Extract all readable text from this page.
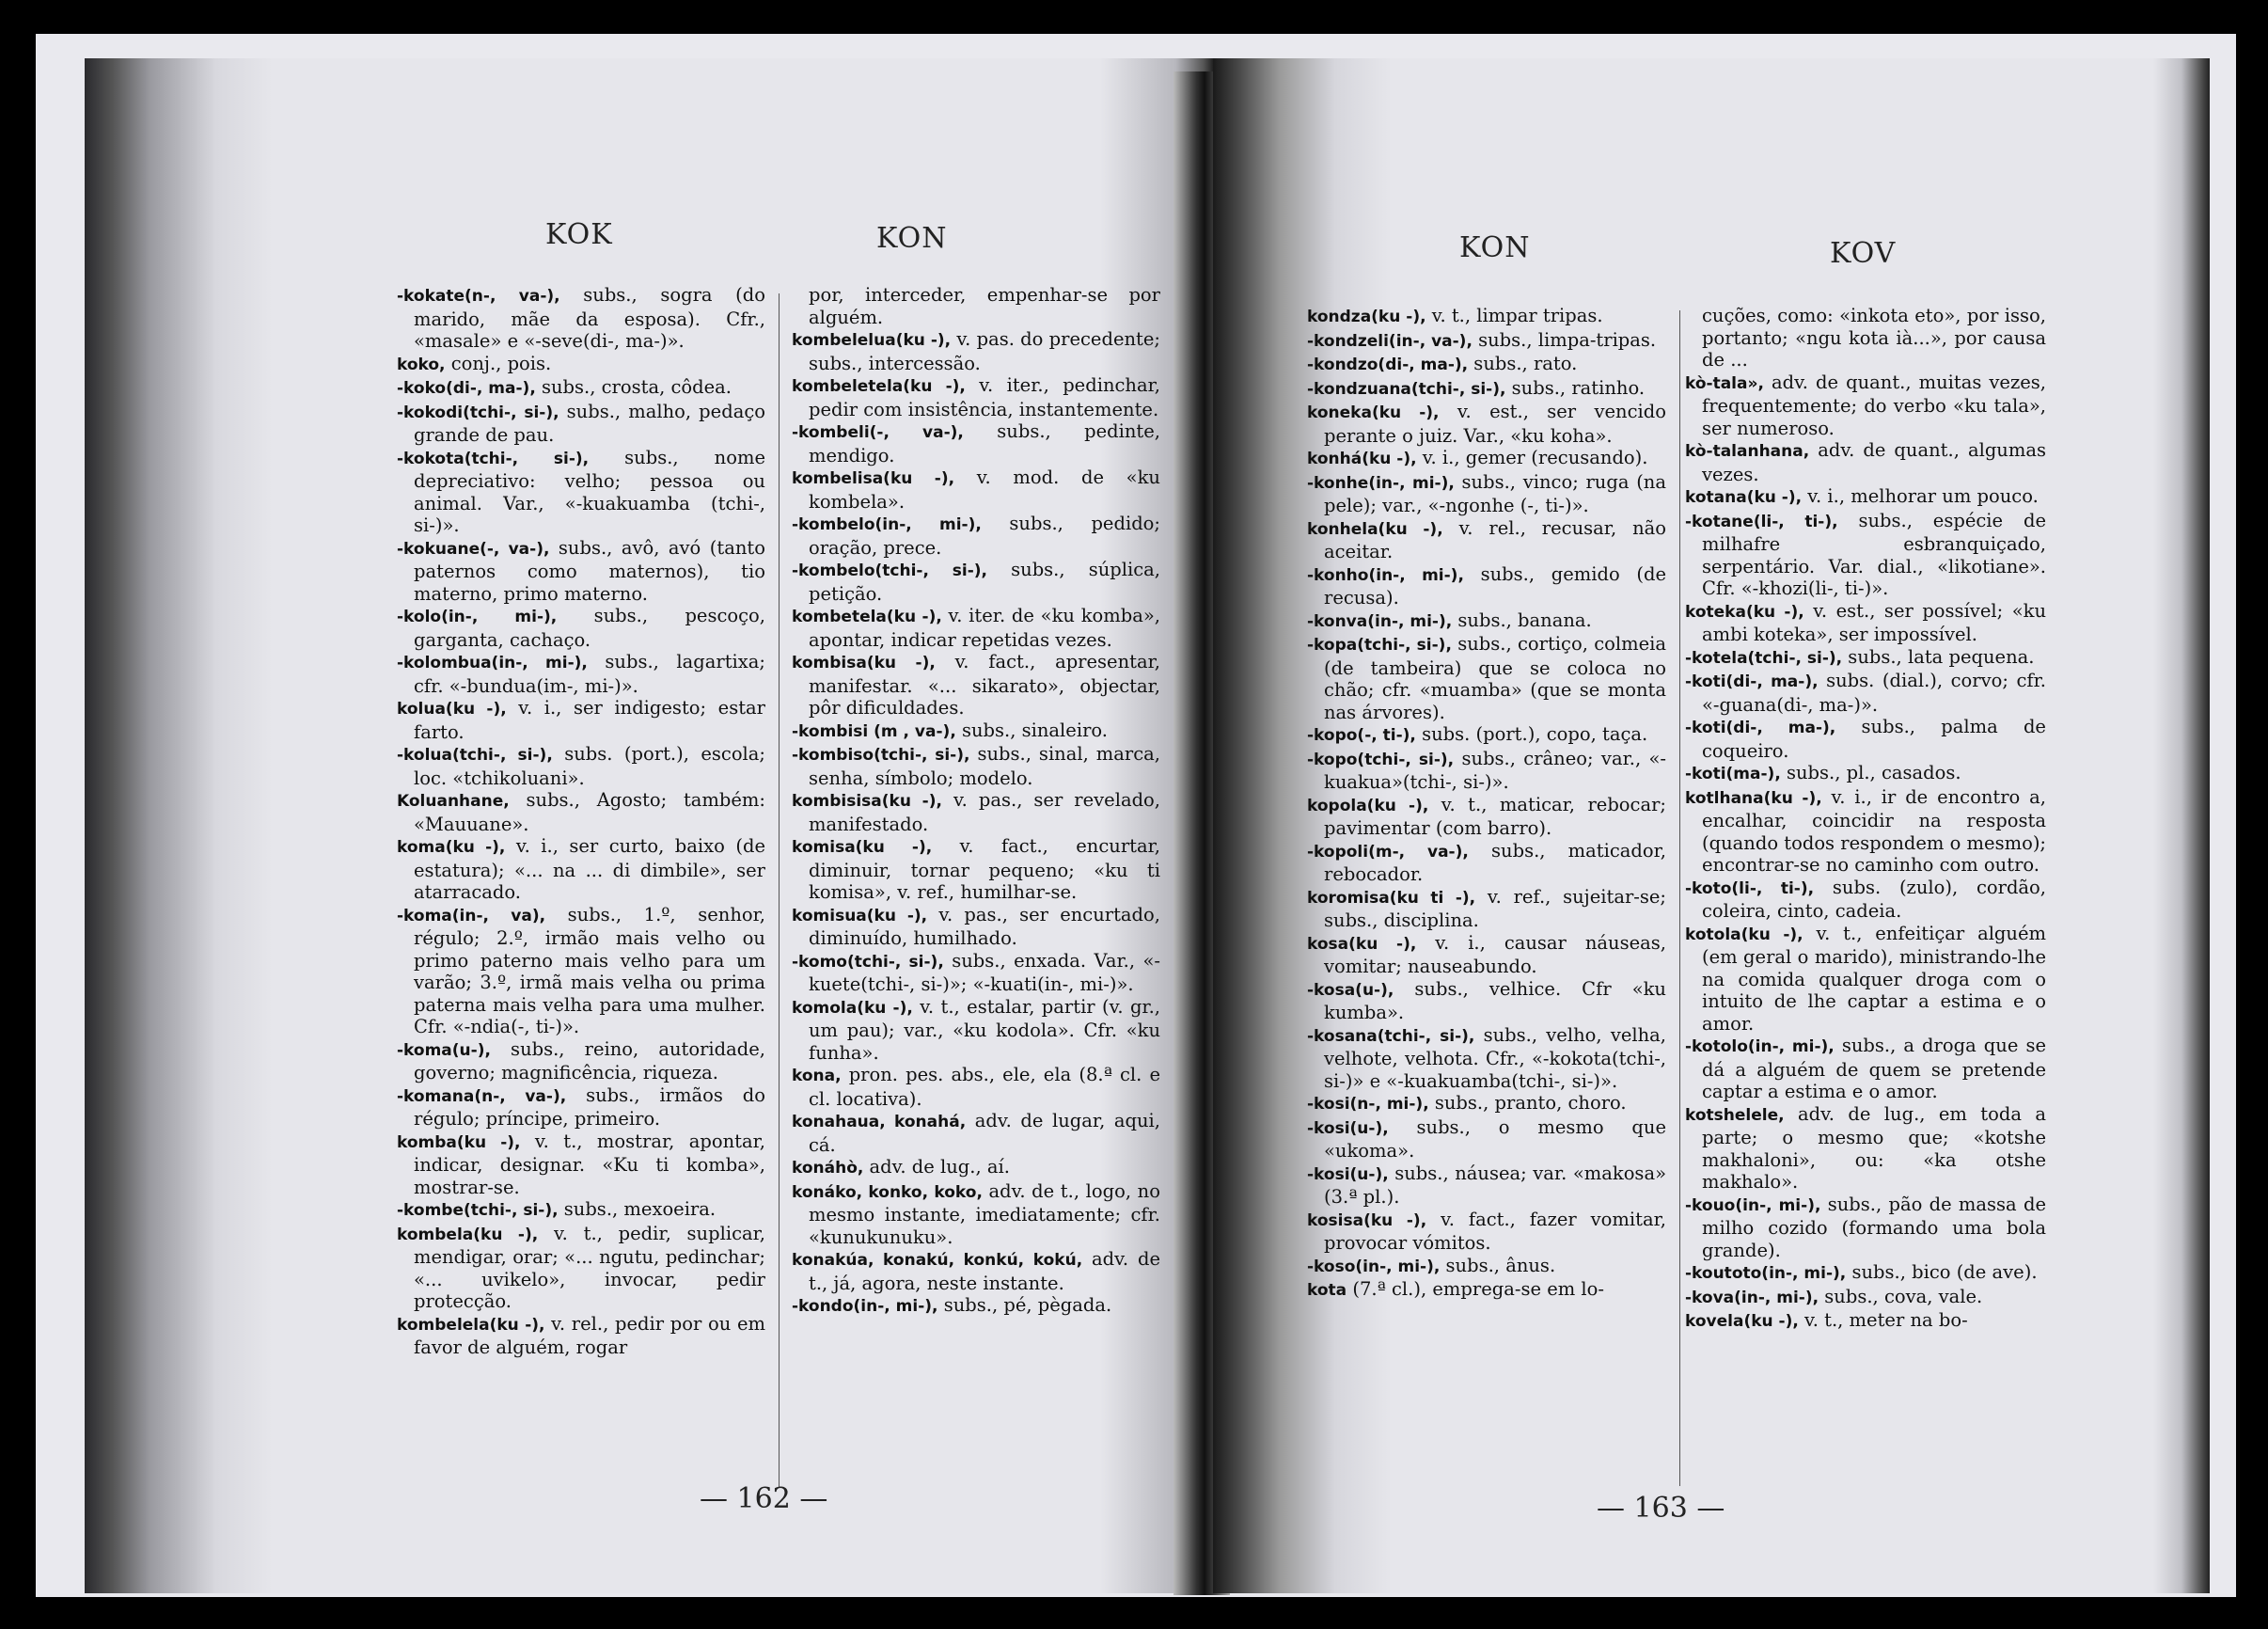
KOK	KON

-kokate(n-, va-), subs., sogra (do marido, mãe da esposa). Cfr., «masale» e «-seve(di-, ma-)».

koko, conj., pois.

-koko(di-, ma-), subs., crosta, côdea.

-kokodi(tchi-, si-), subs., malho, pedaço grande de pau.

-kokota(tchi-, si-), subs., nome depreciativo: velho; pessoa ou animal. Var., «-kuakuamba (tchi-, si-)».

-kokuane(-, va-), subs., avô, avó (tanto paternos como maternos), tio materno, primo materno.

-kolo(in-, mi-), subs., pescoço, garganta, cachaço.

-kolombua(in-, mi-), subs., lagartixa; cfr. «-bundua(im-, mi-)».

kolua(ku -), v. i., ser indigesto; estar farto.

-kolua(tchi-, si-), subs. (port.), escola; loc. «tchikoluani».

Koluanhane, subs., Agosto; também: «Mauuane».

koma(ku -), v. i., ser curto, baixo (de estatura); «... na ... di dimbile», ser atarracado.

-koma(in-, va), subs., 1.º, senhor, régulo; 2.º, irmão mais velho ou primo paterno mais velho para um varão; 3.º, irmã mais velha ou prima paterna mais velha para uma mulher. Cfr. «-ndia(-, ti-)».

-koma(u-), subs., reino, autoridade, governo; magnificência, riqueza.

-komana(n-, va-), subs., irmãos do régulo; príncipe, primeiro.

komba(ku -), v. t., mostrar, apontar, indicar, designar. «Ku ti komba», mostrar-se.

-kombe(tchi-, si-), subs., mexoeira.

kombela(ku -), v. t., pedir, suplicar, mendigar, orar; «... ngutu, pedinchar; «... uvikelo», invocar, pedir protecção.

kombelela(ku -), v. rel., pedir por ou em favor de alguém, rogar

por, interceder, empenhar-se por alguém.

kombelelua(ku -), v. pas. do precedente; subs., intercessão.

kombeletela(ku -), v. iter., pedinchar, pedir com insistência, instantemente.

-kombeli(-, va-), subs., pedinte, mendigo.

kombelisa(ku -), v. mod. de «ku kombela».

-kombelo(in-, mi-), subs., pedido; oração, prece.

-kombelo(tchi-, si-), subs., súplica, petição.

kombetela(ku -), v. iter. de «ku komba», apontar, indicar repetidas vezes.

kombisa(ku -), v. fact., apresentar, manifestar. «... sikarato», objectar, pôr dificuldades.

-kombisi (m , va-), subs., sinaleiro.

-kombiso(tchi-, si-), subs., sinal, marca, senha, símbolo; modelo.

kombisisa(ku -), v. pas., ser revelado, manifestado.

komisa(ku -), v. fact., encurtar, diminuir, tornar pequeno; «ku ti komisa», v. ref., humilhar-se.

komisua(ku -), v. pas., ser encurtado, diminuído, humilhado.

-komo(tchi-, si-), subs., enxada. Var., «-kuete(tchi-, si-)»; «-kuati(in-, mi-)».

komola(ku -), v. t., estalar, partir (v. gr., um pau); var., «ku kodola». Cfr. «ku funha».

kona, pron. pes. abs., ele, ela (8.ª cl. e cl. locativa).

konahaua, konahá, adv. de lugar, aqui, cá.

konáhò, adv. de lug., aí.

konáko, konko, koko, adv. de t., logo, no mesmo instante, imediatamente; cfr. «kunukunuku».

konakúa, konakú, konkú, kokú, adv. de t., já, agora, neste instante.

-kondo(in-, mi-), subs., pé, pègada.

— 162 —
KON	KOV

kondza(ku -), v. t., limpar tripas.

-kondzeli(in-, va-), subs., limpa-tripas.

-kondzo(di-, ma-), subs., rato.

-kondzuana(tchi-, si-), subs., ratinho.

koneka(ku -), v. est., ser vencido perante o juiz. Var., «ku koha».

konhá(ku -), v. i., gemer (recusando).

-konhe(in-, mi-), subs., vinco; ruga (na pele); var., «-ngonhe (-, ti-)».

konhela(ku -), v. rel., recusar, não aceitar.

-konho(in-, mi-), subs., gemido (de recusa).

-konva(in-, mi-), subs., banana.

-kopa(tchi-, si-), subs., cortiço, colmeia (de tambeira) que se coloca no chão; cfr. «muamba» (que se monta nas árvores).

-kopo(-, ti-), subs. (port.), copo, taça.

-kopo(tchi-, si-), subs., crâneo; var., «-kuakua»(tchi-, si-)».

kopola(ku -), v. t., maticar, rebocar; pavimentar (com barro).

-kopoli(m-, va-), subs., maticador, rebocador.

koromisa(ku ti -), v. ref., sujeitar-se; subs., disciplina.

kosa(ku -), v. i., causar náuseas, vomitar; nauseabundo.

-kosa(u-), subs., velhice. Cfr «ku kumba».

-kosana(tchi-, si-), subs., velho, velha, velhote, velhota. Cfr., «-kokota(tchi-, si-)» e «-kuakuamba(tchi-, si-)».

-kosi(n-, mi-), subs., pranto, choro.

-kosi(u-), subs., o mesmo que «ukoma».

-kosi(u-), subs., náusea; var. «makosa» (3.ª pl.).

kosisa(ku -), v. fact., fazer vomitar, provocar vómitos.

-koso(in-, mi-), subs., ânus.

kota (7.ª cl.), emprega-se em lo-

cuções, como: «inkota eto», por isso, portanto; «ngu kota ià...», por causa de ...

kò-tala», adv. de quant., muitas vezes, frequentemente; do verbo «ku tala», ser numeroso.

kò-talanhana, adv. de quant., algumas vezes.

kotana(ku -), v. i., melhorar um pouco.

-kotane(li-, ti-), subs., espécie de milhafre esbranquiçado, serpentário. Var. dial., «likotiane». Cfr. «-khozi(li-, ti-)».

koteka(ku -), v. est., ser possível; «ku ambi koteka», ser impossível.

-kotela(tchi-, si-), subs., lata pequena.

-koti(di-, ma-), subs. (dial.), corvo; cfr. «-guana(di-, ma-)».

-koti(di-, ma-), subs., palma de coqueiro.

-koti(ma-), subs., pl., casados.

kotlhana(ku -), v. i., ir de encontro a, encalhar, coincidir na resposta (quando todos respondem o mesmo); encontrar-se no caminho com outro.

-koto(li-, ti-), subs. (zulo), cordão, coleira, cinto, cadeia.

kotola(ku -), v. t., enfeitiçar alguém (em geral o marido), ministrando-lhe na comida qualquer droga com o intuito de lhe captar a estima e o amor.

-kotolo(in-, mi-), subs., a droga que se dá a alguém de quem se pretende captar a estima e o amor.

kotshelele, adv. de lug., em toda a parte; o mesmo que; «kotshe makhaloni», ou: «ka otshe makhalo».

-kouo(in-, mi-), subs., pão de massa de milho cozido (formando uma bola grande).

-koutoto(in-, mi-), subs., bico (de ave).

-kova(in-, mi-), subs., cova, vale.

kovela(ku -), v. t., meter na bo-

— 163 —
